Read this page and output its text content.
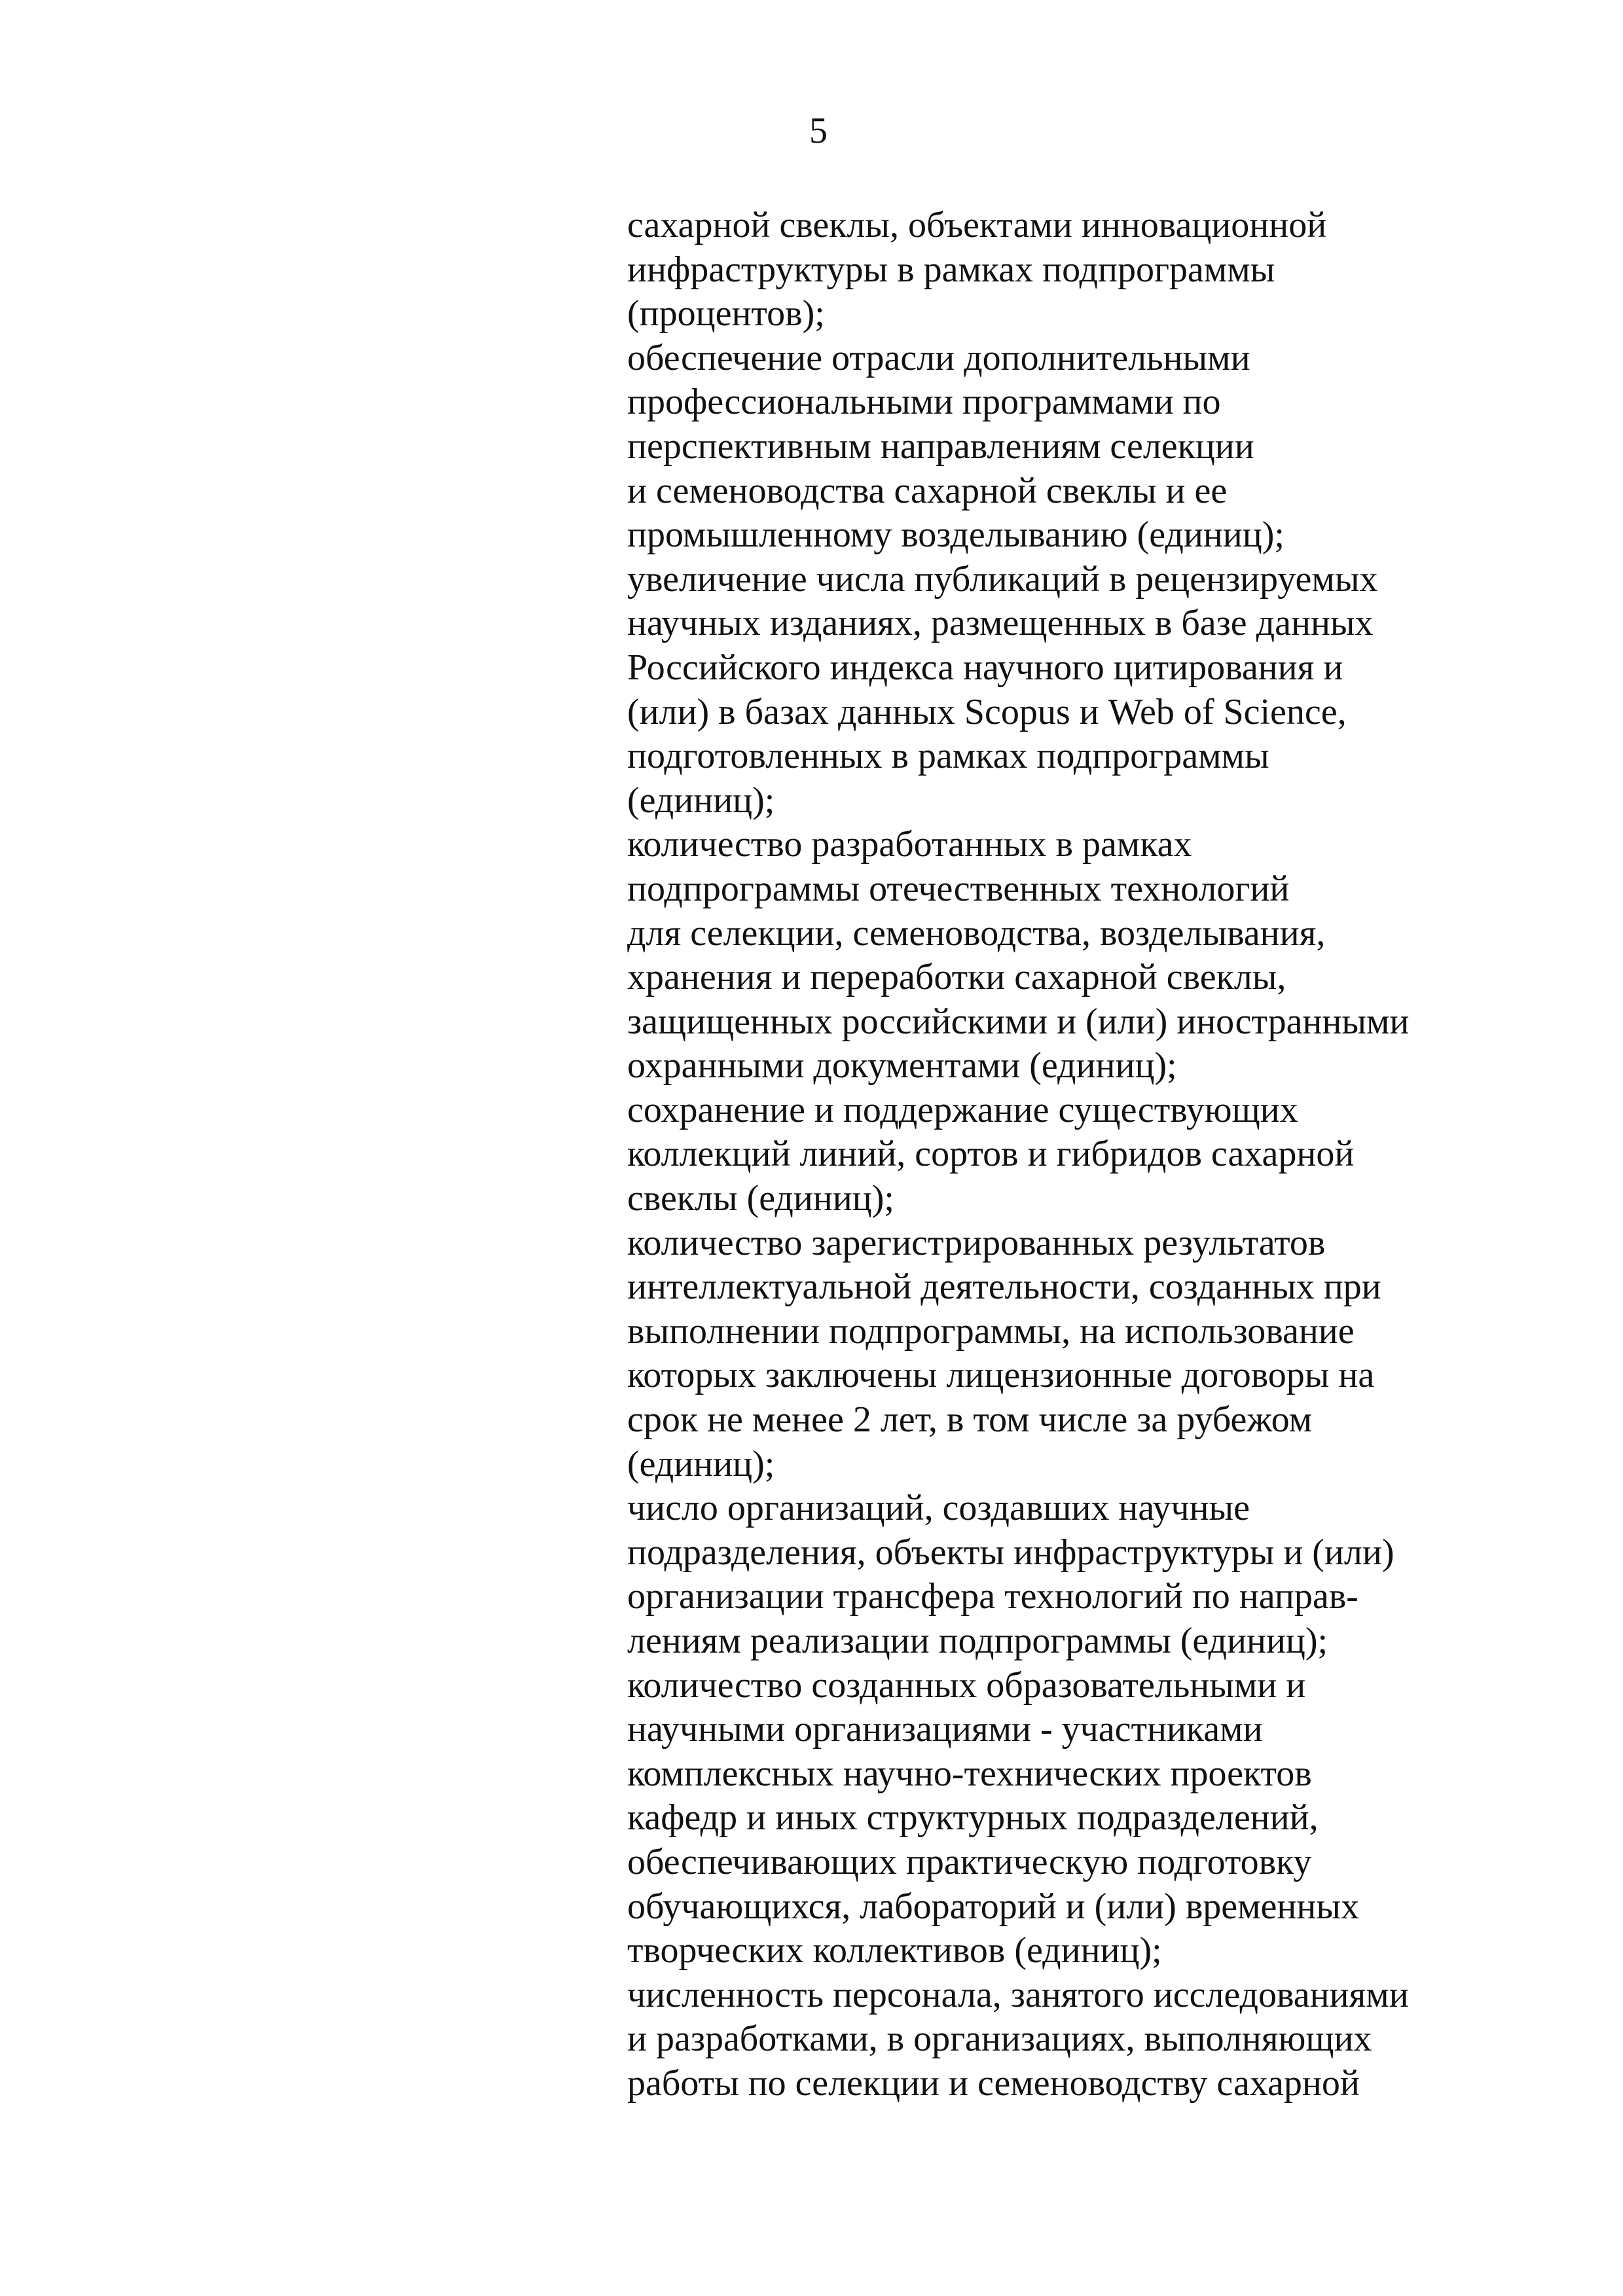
5
сахарной свеклы, объектами инновационной
инфраструктуры в рамках подпрограммы
(процентов);
обеспечение отрасли дополнительными
профессиональными программами по
перспективным направлениям селекции
и семеноводства сахарной свеклы и ее
промышленному возделыванию (единиц);
увеличение числа публикаций в рецензируемых
научных изданиях, размещенных в базе данных
Российского индекса научного цитирования и
(или) в базах данных Scopus и Web of Science,
подготовленных в рамках подпрограммы
(единиц);
количество разработанных в рамках
подпрограммы отечественных технологий
для селекции, семеноводства, возделывания,
хранения и переработки сахарной свеклы,
защищенных российскими и (или) иностранными
охранными документами (единиц);
сохранение и поддержание существующих
коллекций линий, сортов и гибридов сахарной
свеклы (единиц);
количество зарегистрированных результатов
интеллектуальной деятельности, созданных при
выполнении подпрограммы, на использование
которых заключены лицензионные договоры на
срок не менее 2 лет, в том числе за рубежом
(единиц);
число организаций, создавших научные
подразделения, объекты инфраструктуры и (или)
организации трансфера технологий по направ-
лениям реализации подпрограммы (единиц);
количество созданных образовательными и
научными организациями - участниками
комплексных научно-технических проектов
кафедр и иных структурных подразделений,
обеспечивающих практическую подготовку
обучающихся, лабораторий и (или) временных
творческих коллективов (единиц);
численность персонала, занятого исследованиями
и разработками, в организациях, выполняющих
работы по селекции и семеноводству сахарной
